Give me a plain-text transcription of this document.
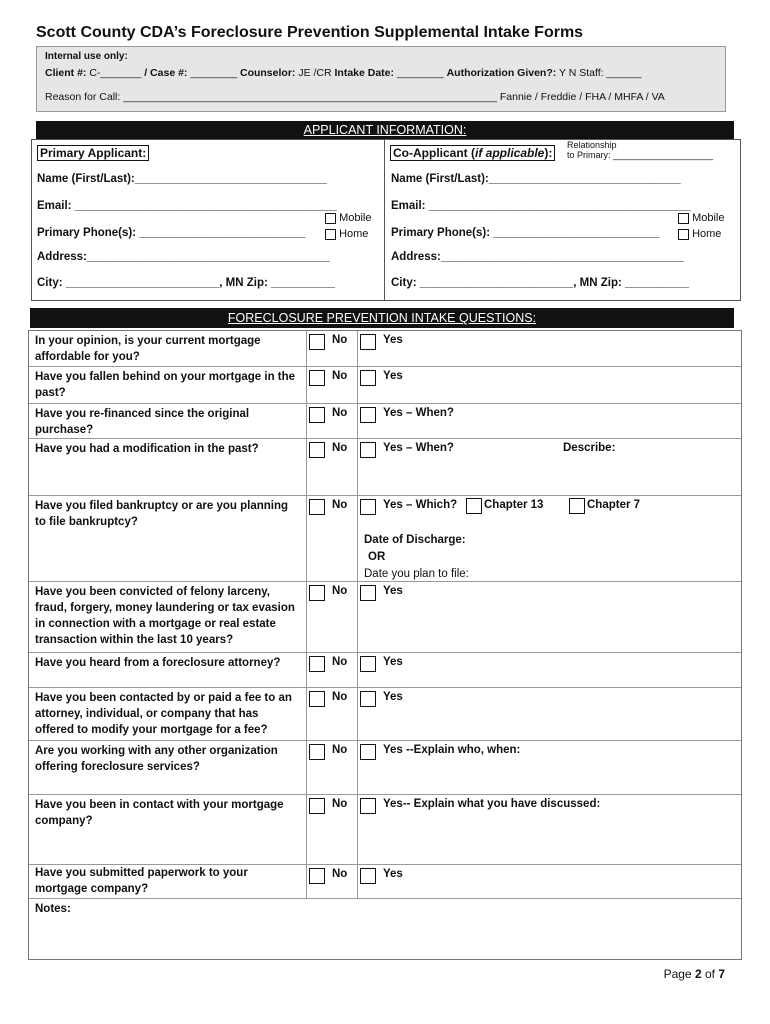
Scott County CDA’s Foreclosure Prevention Supplemental Intake Forms
Internal use only:
Client #: C-_______ / Case #: ________ Counselor: JE /CR Intake Date: ________ Authorization Given?: Y N Staff: ______
Reason for Call: ________________________________________________________________ Fannie / Freddie / FHA / MHFA / VA
APPLICANT INFORMATION:
Primary Applicant:
Name (First/Last):______________________________
Email: _________________________________________
Primary Phone(s): __________________________
Mobile
Home
Address:______________________________________
City: ________________________, MN Zip: __________
Co-Applicant (if applicable):
Relationship
to Primary: ____________________
Name (First/Last):______________________________
Email: _________________________________________
Primary Phone(s): __________________________
Mobile
Home
Address:______________________________________
City: ________________________, MN Zip: __________
FORECLOSURE PREVENTION INTAKE QUESTIONS:
In your opinion, is your current mortgage affordable for you?
No	Yes
Have you fallen behind on your mortgage in the past?
No	Yes
Have you re-financed since the original purchase?
No	Yes – When?
Have you had a modification in the past?	No	Yes – When?	Describe:
Have you filed bankruptcy or are you planning to file bankruptcy?
No	Yes – Which? Chapter 13	Chapter 7
Date of Discharge:
OR
Date you plan to file:
Have you been convicted of felony larceny, fraud, forgery, money laundering or tax evasion in connection with a mortgage or real estate transaction within the last 10 years?
No	Yes
Have you heard from a foreclosure attorney?	No	Yes
Have you been contacted by or paid a fee to an attorney, individual, or company that has offered to modify your mortgage for a fee?
No	Yes
Are you working with any other organization offering foreclosure services?
No	Yes --Explain who, when:
Have you been in contact with your mortgage company?
No	Yes-- Explain what you have discussed:
Have you submitted paperwork to your mortgage company?
No	Yes
Notes:
Page 2 of 7
